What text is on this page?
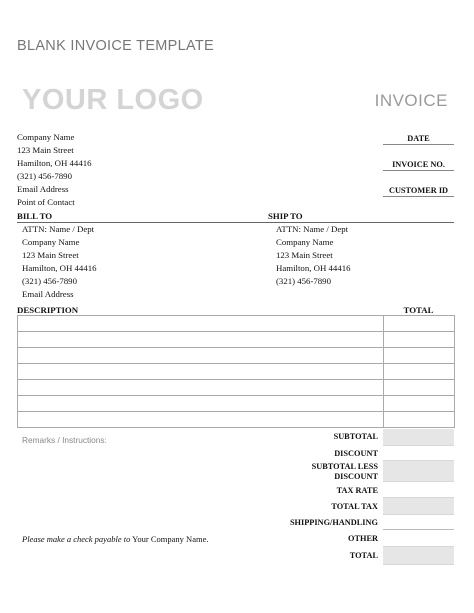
BLANK INVOICE TEMPLATE
YOUR LOGO	INVOICE
Company Name
123 Main Street
Hamilton, OH 44416
(321) 456-7890
Email Address
Point of Contact
DATE
INVOICE NO.
CUSTOMER ID
BILL TO	SHIP TO
ATTN: Name / Dept
Company Name
123 Main Street
Hamilton, OH 44416
(321) 456-7890
Email Address
ATTN: Name / Dept
Company Name
123 Main Street
Hamilton, OH 44416
(321) 456-7890
DESCRIPTION	TOTAL

Remarks / Instructions:	SUBTOTAL
DISCOUNT
SUBTOTAL LESS
DISCOUNT
TAX RATE
TOTAL TAX
SHIPPING/HANDLING
OTHER
TOTAL
Please make a check payable to Your Company Name.
